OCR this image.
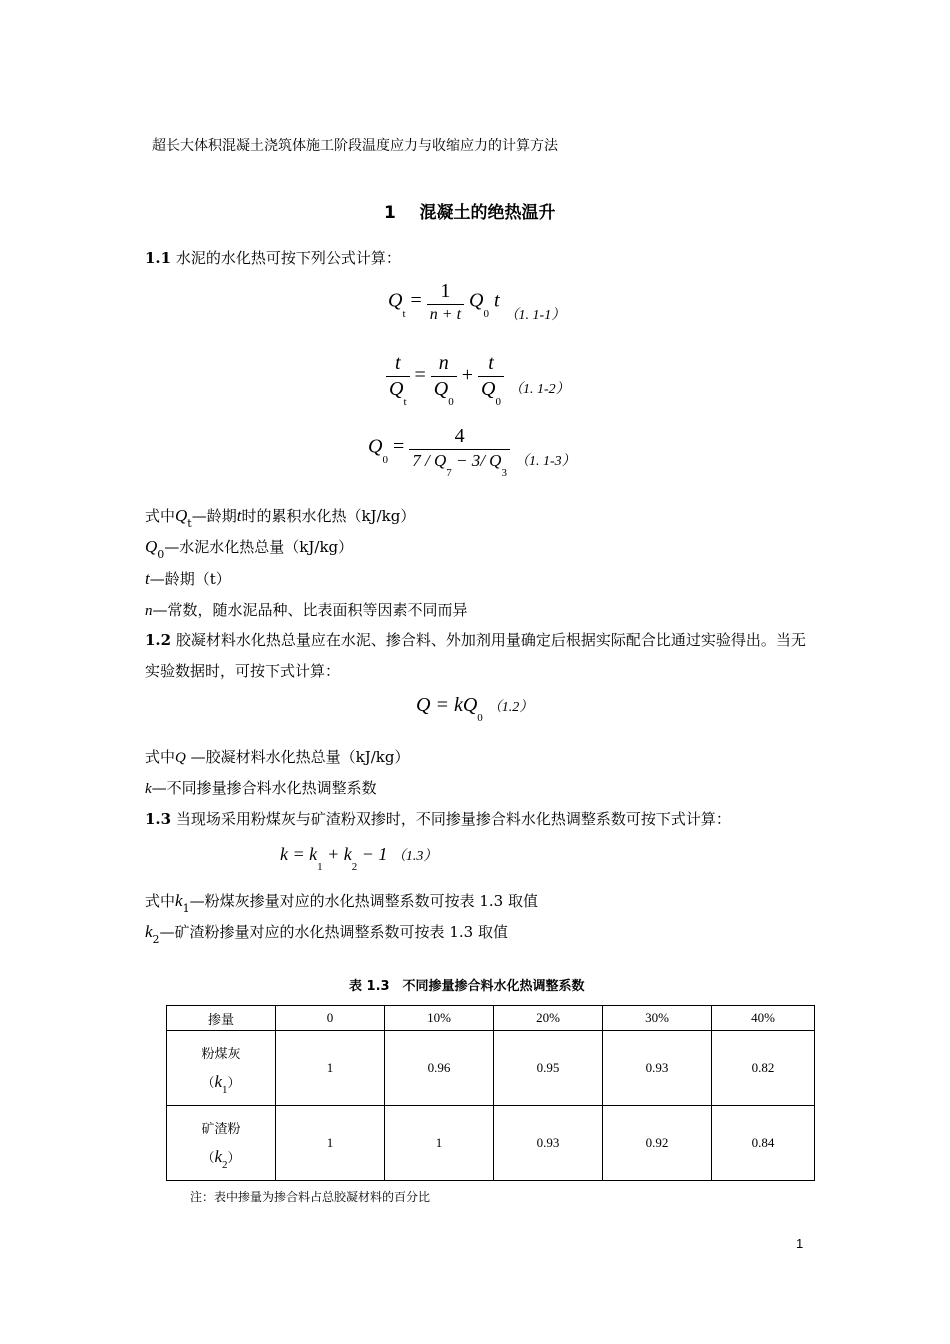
超长大体积混凝土浇筑体施工阶段温度应力与收缩应力的计算方法
1 混凝土的绝热温升
1.1 水泥的水化热可按下列公式计算：
$Q_t = \frac{1}{n + t} Q_0$ t $_{(1. 1-1)}$
$\frac{t}{Q_t} = \frac{n}{Q_0} + \frac{t}{Q_0} _{(1. 1-2)}$
$Q_0 = \frac{4}{7 / Q_7 - 3/ Q_3} _{(1. 1-3)}$
式中$Q_t—$龄期t时的累积水化热（kJ/kg）
$Q_0—$水泥水化热总量（kJ/kg）
t—龄期（t）
n—常数，随水泥品种、比表面积等因素不同而异
1.2 胶凝材料水化热总量应在水泥、掺合料、外加剂用量确定后根据实际配合比通过实验得出。当无实验数据时，可按下式计算：
$Q = kQ_0$ （1.2）
式中Q —胶凝材料水化热总量（kJ/kg）
k—不同掺量掺合料水化热调整系数
1.3 当现场采用粉煤灰与矿渣粉双掺时，不同掺量掺合料水化热调整系数可按下式计算：
$k = k_1 + k_2 - 1$ （1.3）
式中$k_1—$粉煤灰掺量对应的水化热调整系数可按表 1.3 取值
$k_2—$矿渣粉掺量对应的水化热调整系数可按表 1.3 取值
表 1.3　不同掺量掺合料水化热调整系数
掺量	0	10%	20%	30%	40%

粉煤灰
$(k_1)$	1	0.96	0.95	0.93	0.82

矿渣粉
$(k_2)$	1	1	0.93	0.92	0.84
注：表中掺量为掺合料占总胶凝材料的百分比
1
